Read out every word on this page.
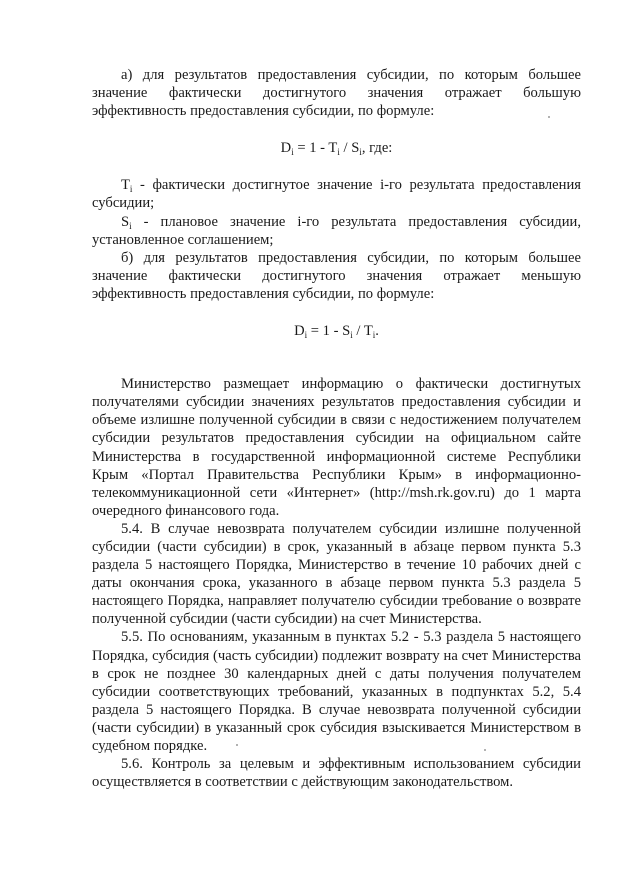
а) для результатов предоставления субсидии, по которым большее значение фактически достигнутого значения отражает большую эффективность предоставления субсидии, по формуле:

$D_i = 1 - T_i / S_i$, где:

$T_i$ - фактически достигнутое значение i-го результата предоставления субсидии;

$S_i$ - плановое значение i-го результата предоставления субсидии, установленное соглашением;

б) для результатов предоставления субсидии, по которым большее значение фактически достигнутого значения отражает меньшую эффективность предоставления субсидии, по формуле:

$D_i = 1 - S_i / T_i$.

Министерство размещает информацию о фактически достигнутых получателями субсидии значениях результатов предоставления субсидии и объеме излишне полученной субсидии в связи с недостижением получателем субсидии результатов предоставления субсидии на официальном сайте Министерства в государственной информационной системе Республики Крым «Портал Правительства Республики Крым» в информационно-телекоммуникационной сети «Интернет» (http://msh.rk.gov.ru) до 1 марта очередного финансового года.

5.4. В случае невозврата получателем субсидии излишне полученной субсидии (части субсидии) в срок, указанный в абзаце первом пункта 5.3 раздела 5 настоящего Порядка, Министерство в течение 10 рабочих дней с даты окончания срока, указанного в абзаце первом пункта 5.3 раздела 5 настоящего Порядка, направляет получателю субсидии требование о возврате полученной субсидии (части субсидии) на счет Министерства.

5.5. По основаниям, указанным в пунктах 5.2 - 5.3 раздела 5 настоящего Порядка, субсидия (часть субсидии) подлежит возврату на счет Министерства в срок не позднее 30 календарных дней с даты получения получателем субсидии соответствующих требований, указанных в подпунктах 5.2, 5.4 раздела 5 настоящего Порядка. В случае невозврата полученной субсидии (части субсидии) в указанный срок субсидия взыскивается Министерством в судебном порядке.

5.6. Контроль за целевым и эффективным использованием субсидии осуществляется в соответствии с действующим законодательством.
